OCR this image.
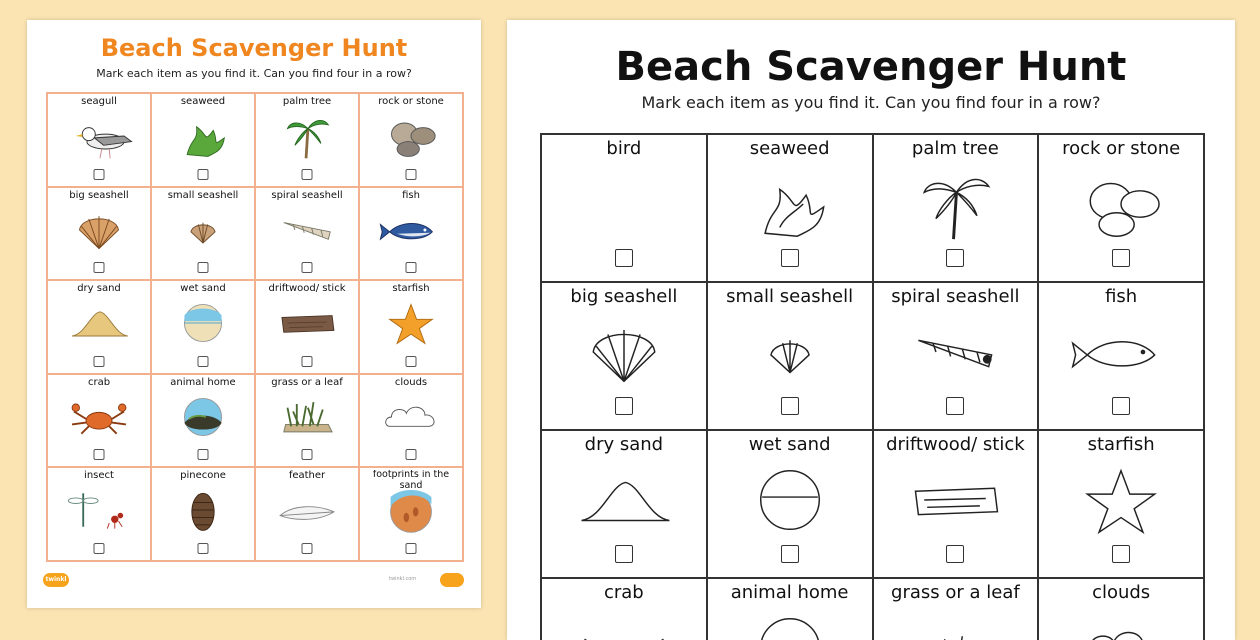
Beach Scavenger Hunt
Mark each item as you find it. Can you find four in a row?
seagull	seaweed	palm tree	rock or stone
big seashell	small seashell	spiral seashell	fish
dry sand	wet sand	driftwood/ stick	starfish
crab	animal home	grass or a leaf	clouds
insect	pinecone	feather	footprints in the sand
twinkl	twinkl.com
Beach Scavenger Hunt
Mark each item as you find it. Can you find four in a row?
bird	seaweed	palm tree	rock or stone
big seashell	small seashell	spiral seashell	fish
dry sand	wet sand	driftwood/ stick	starfish
crab	animal home	grass or a leaf	clouds
